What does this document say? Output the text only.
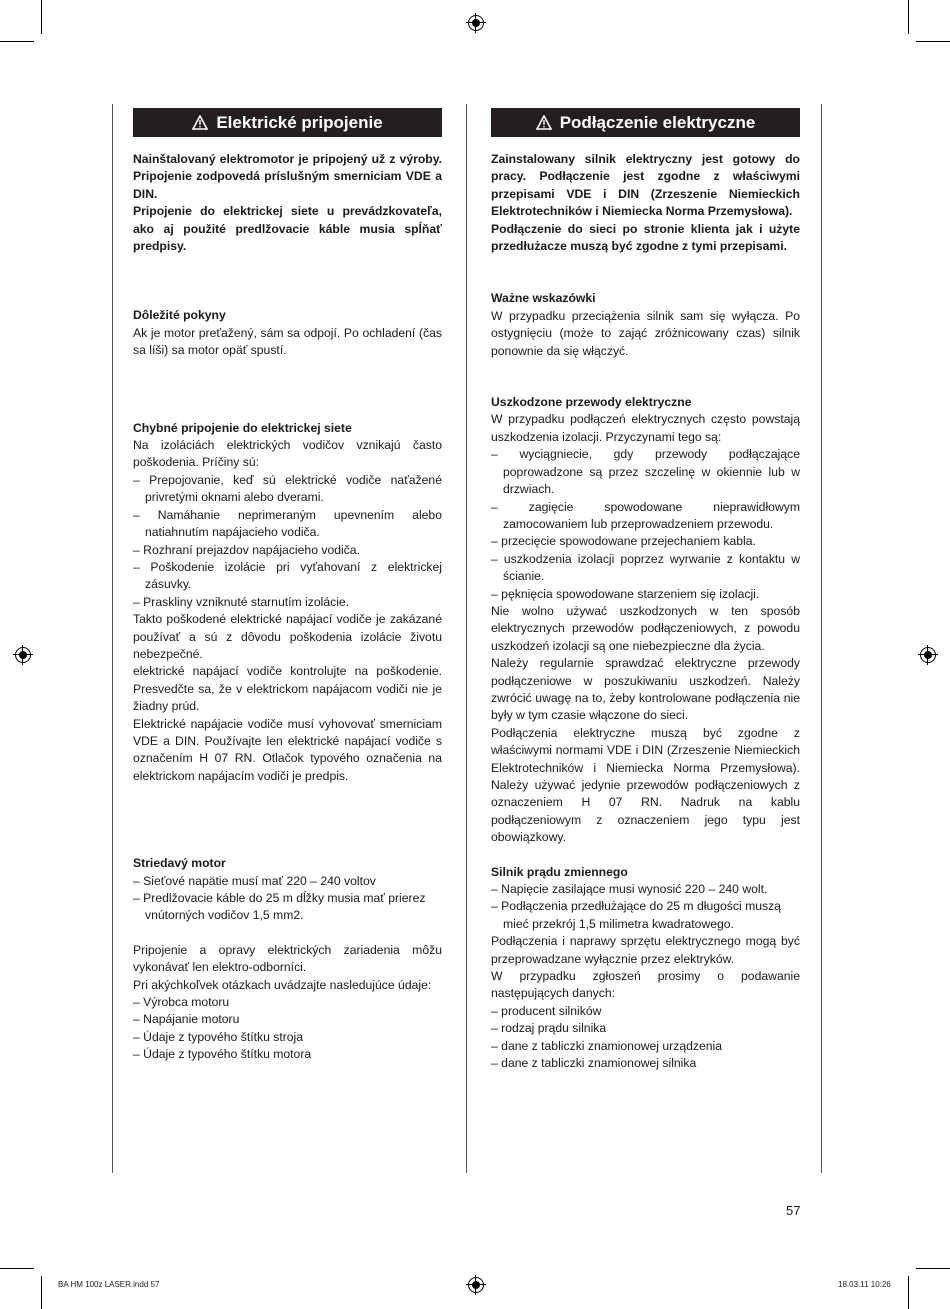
Elektrické pripojenie

Nainštalovaný elektromotor je pripojený už z výroby. Pripojenie zodpovedá príslušným smerniciam VDE a DIN.

Pripojenie do elektrickej siete u prevádzkovateľa, ako aj použité predlžovacie káble musia spĺňať predpisy.

Dôležité pokyny

Ak je motor preťažený, sám sa odpojí. Po ochladení (čas sa líši) sa motor opäť spustí.

Chybné pripojenie do elektrickej siete

Na izoláciách elektrických vodičov vznikajú často poškodenia. Príčiny sú:

– Prepojovanie, keď sú elektrické vodiče naťažené privretými oknami alebo dverami.

– Namáhanie neprimeraným upevnením alebo natiahnutím napájacieho vodiča.

– Rozhraní prejazdov napájacieho vodiča.

– Poškodenie izolácie pri vyťahovaní z elektrickej zásuvky.

– Praskliny vzniknuté starnutím izolácie.

Takto poškodené elektrické napájací vodiče je zakázané používať a sú z dôvodu poškodenia izolácie životu nebezpečné.

elektrické napájací vodiče kontrolujte na poškodenie. Presvedčte sa, že v elektrickom napájacom vodiči nie je žiadny prúd.

Elektrické napájacie vodiče musí vyhovovať smerniciam VDE a DIN. Používajte len elektrické napájací vodiče s označením H 07 RN. Otlačok typového označenia na elektrickom napájacím vodiči je predpis.

Striedavý motor

– Sieťové napätie musí mať 220 – 240 voltov

– Predlžovacie káble do 25 m dĺžky musia mať prierez vnútorných vodičov 1,5 mm2.

Pripojenie a opravy elektrických zariadenia môžu vykonávať len elektro-odborníci.

Pri akýchkoľvek otázkach uvádzajte nasledujúce údaje:

– Výrobca motoru

– Napájanie motoru

– Údaje z typového štítku stroja

– Údaje z typového štítku motora

Podłączenie elektryczne

Zainstalowany silnik elektryczny jest gotowy do pracy. Podłączenie jest zgodne z właściwymi przepisami VDE i DIN (Zrzeszenie Niemieckich Elektrotechników i Niemiecka Norma Przemysłowa).

Podłączenie do sieci po stronie klienta jak i użyte przedłużacze muszą być zgodne z tymi przepisami.

Ważne wskazówki

W przypadku przeciążenia silnik sam się wyłącza. Po ostygnięciu (może to zająć zróżnicowany czas) silnik ponownie da się włączyć.

Uszkodzone przewody elektryczne

W przypadku podłączeń elektrycznych często powstają uszkodzenia izolacji. Przyczynami tego są:

– wyciągniecie, gdy przewody podłączające poprowadzone są przez szczelinę w okiennie lub w drzwiach.

– zagięcie spowodowane nieprawidłowym zamocowaniem lub przeprowadzeniem przewodu.

– przecięcie spowodowane przejechaniem kabla.

– uszkodzenia izolacji poprzez wyrwanie z kontaktu w ścianie.

– pęknięcia spowodowane starzeniem się izolacji.

Nie wolno używać uszkodzonych w ten sposób elektrycznych przewodów podłączeniowych, z powodu uszkodzeń izolacji są one niebezpieczne dla życia.

Należy regularnie sprawdzać elektryczne przewody podłączeniowe w poszukiwaniu uszkodzeń. Należy zwrócić uwagę na to, żeby kontrolowane podłączenia nie były w tym czasie włączone do sieci.

Podłączenia elektryczne muszą być zgodne z właściwymi normami VDE i DIN (Zrzeszenie Niemieckich Elektrotechników i Niemiecka Norma Przemysłowa). Należy używać jedynie przewodów podłączeniowych z oznaczeniem H 07 RN. Nadruk na kablu podłączeniowym z oznaczeniem jego typu jest obowiązkowy.

Silnik prądu zmiennego

– Napięcie zasilające musi wynosić 220 – 240 wolt.

– Podłączenia przedłużające do 25 m długości muszą mieć przekrój 1,5 milimetra kwadratowego.

Podłączenia i naprawy sprzętu elektrycznego mogą być przeprowadzane wyłącznie przez elektryków.

W przypadku zgłoszeń prosimy o podawanie następujących danych:

– producent silników

– rodzaj prądu silnika

– dane z tabliczki znamionowej urządzenia

– dane z tabliczki znamionowej silnika

57
BA HM 100z LASER.indd 57	18.03.11 10:26
